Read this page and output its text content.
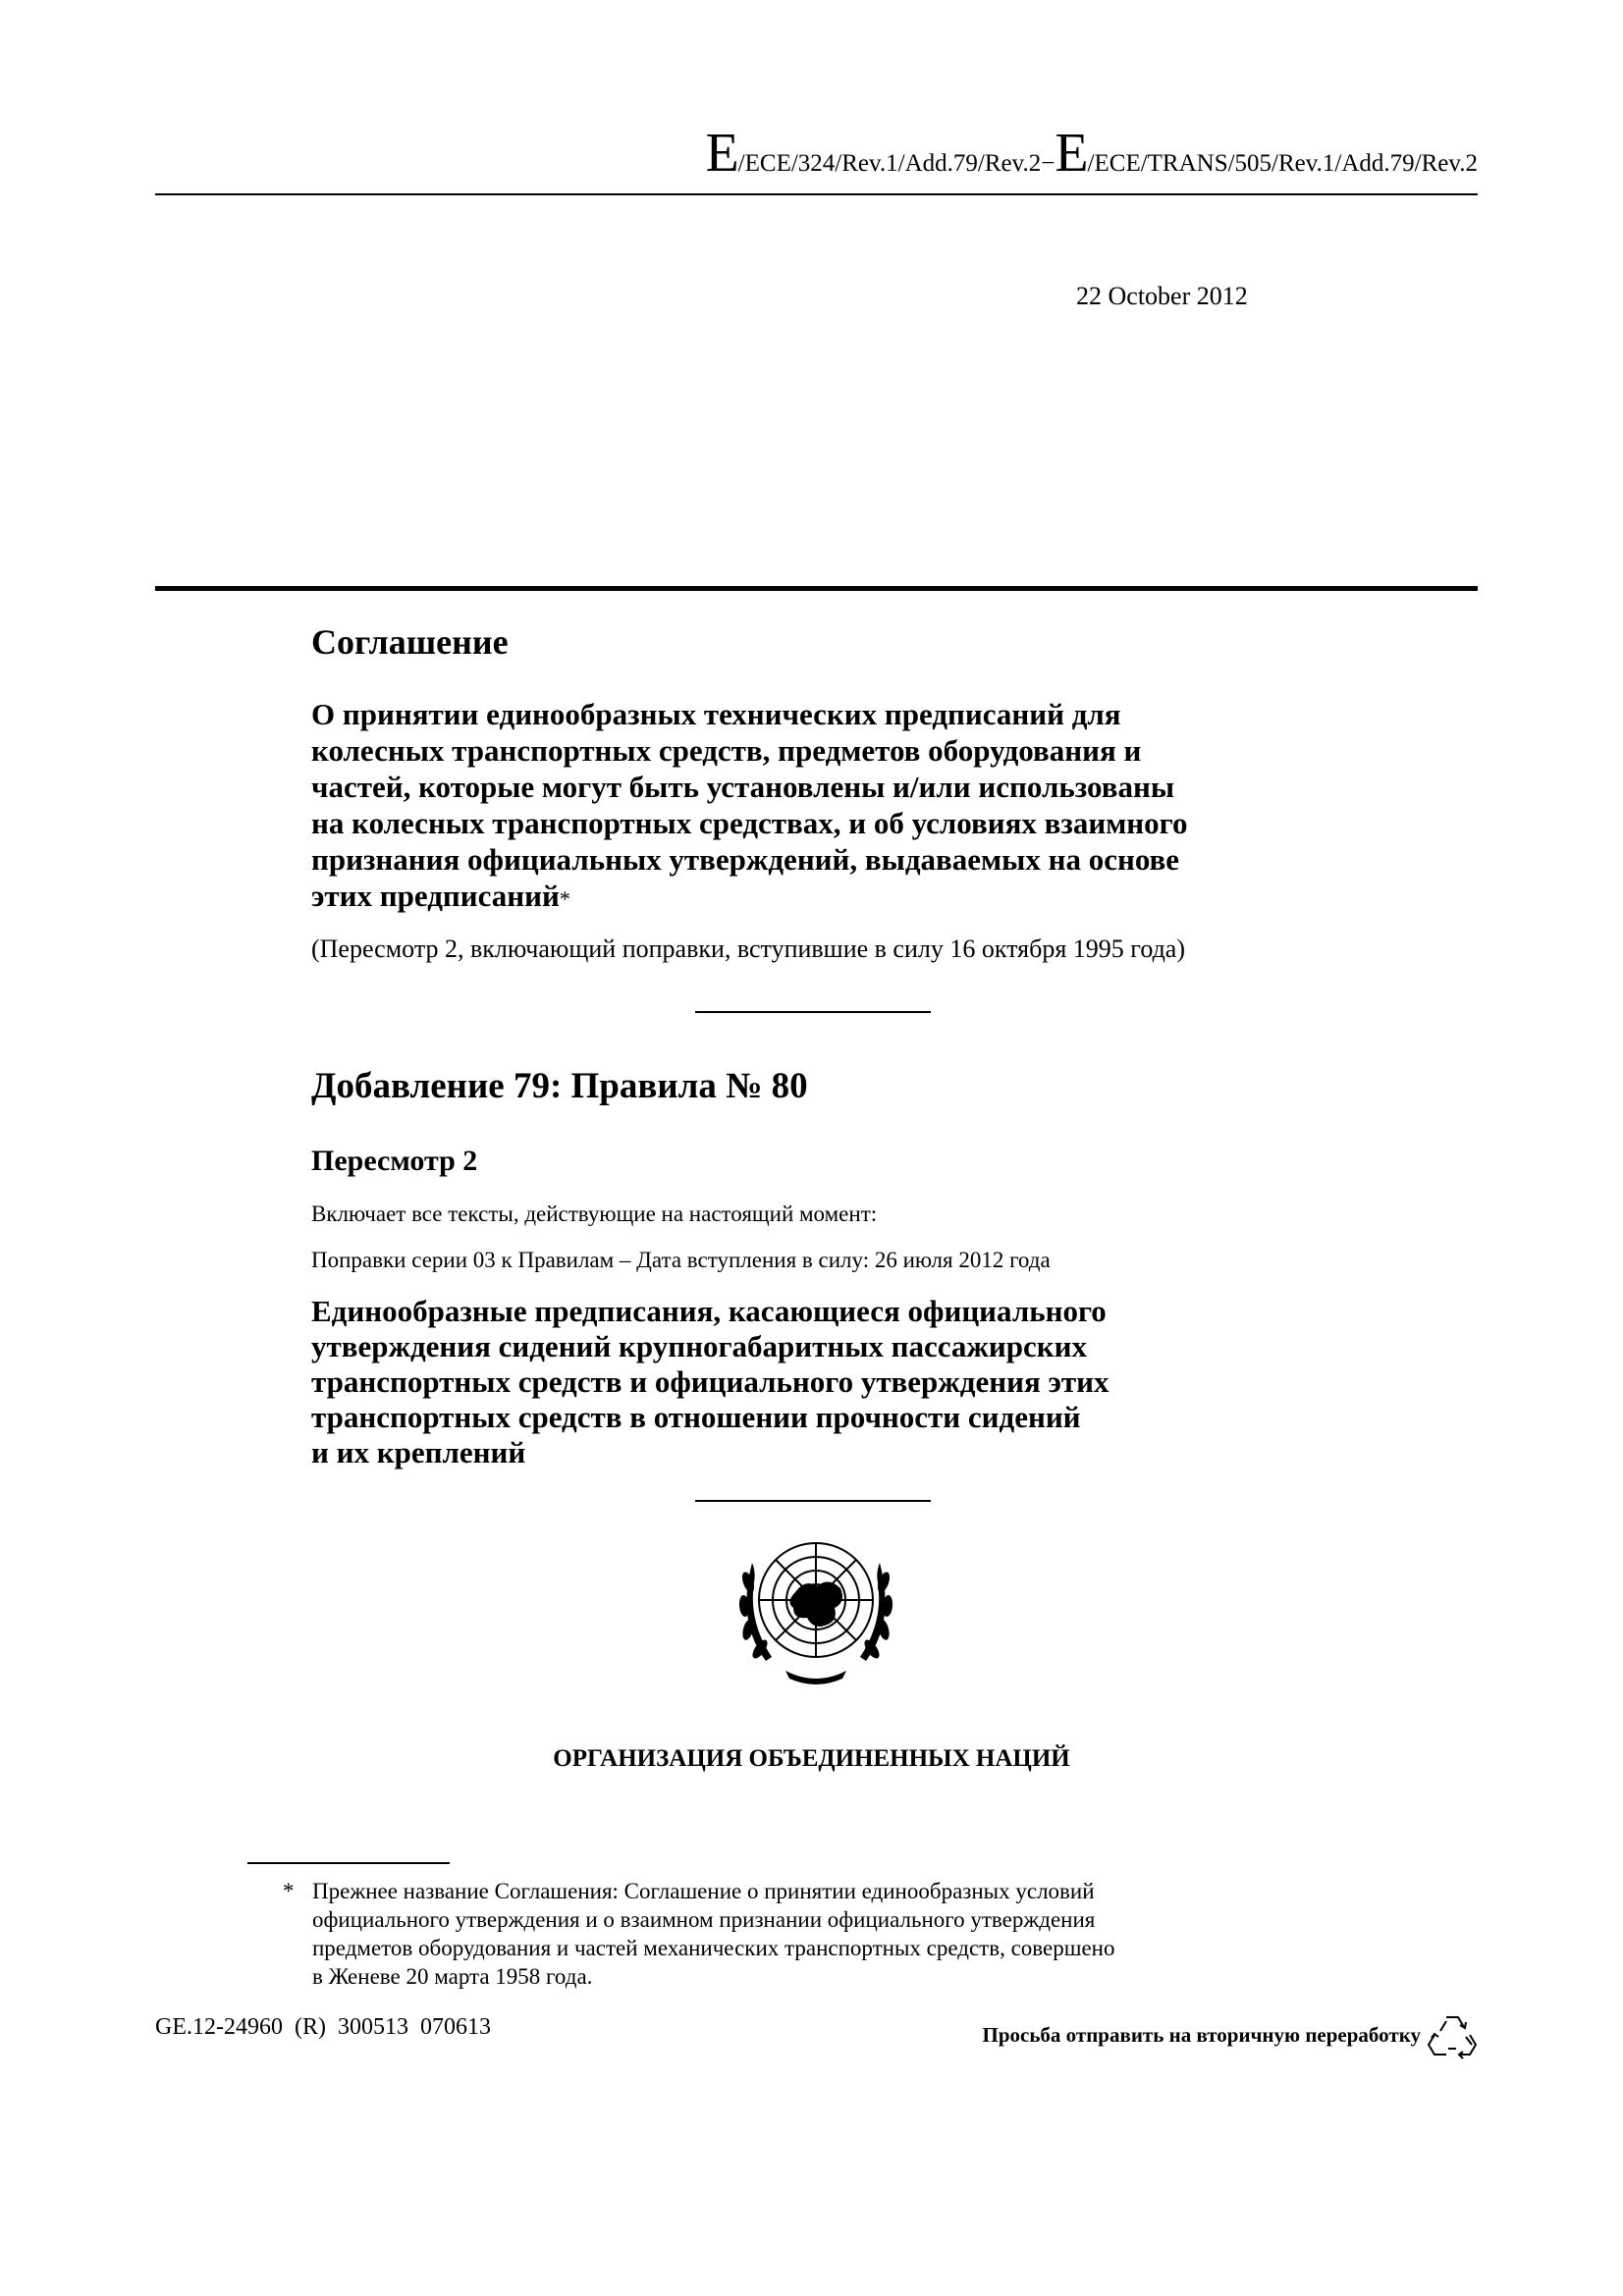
E/ECE/324/Rev.1/Add.79/Rev.2−E/ECE/TRANS/505/Rev.1/Add.79/Rev.2
22 October 2012
Соглашение
О принятии единообразных технических предписаний для
колесных транспортных средств, предметов оборудования и
частей, которые могут быть установлены и/или использованы
на колесных транспортных средствах, и об условиях взаимного
признания официальных утверждений, выдаваемых на основе
этих предписаний*
(Пересмотр 2, включающий поправки, вступившие в силу 16 октября 1995 года)
Добавление 79: Правила № 80
Пересмотр 2
Включает все тексты, действующие на настоящий момент:
Поправки серии 03 к Правилам – Дата вступления в силу: 26 июля 2012 года
Единообразные предписания, касающиеся официального
утверждения сидений крупногабаритных пассажирских
транспортных средств и официального утверждения этих
транспортных средств в отношении прочности сидений
и их креплений
ОРГАНИЗАЦИЯ ОБЪЕДИНЕННЫХ НАЦИЙ
* Прежнее название Соглашения: Соглашение о принятии единообразных условий
официального утверждения и о взаимном признании официального утверждения
предметов оборудования и частей механических транспортных средств, совершено
в Женеве 20 марта 1958 года.
GE.12-24960  (R)  300513  070613	Просьба отправить на вторичную переработку
